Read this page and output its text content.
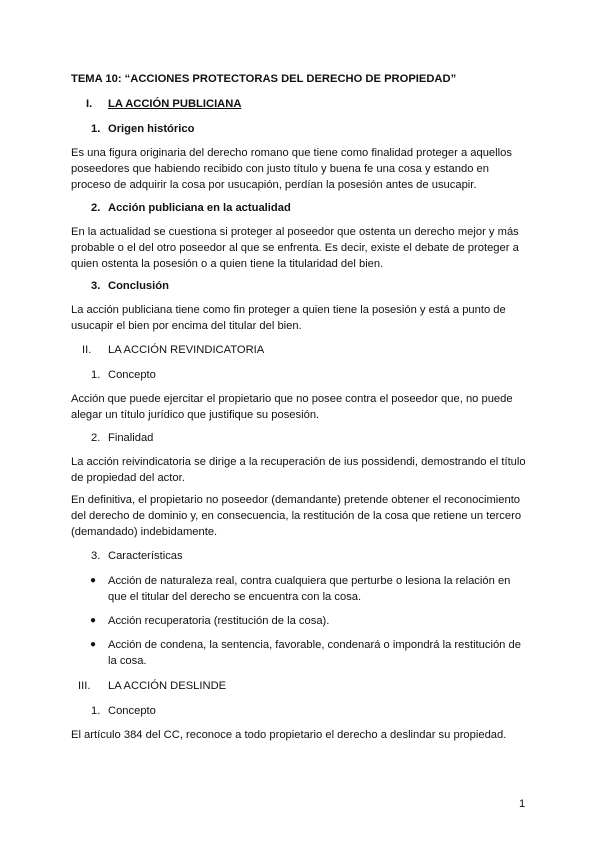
TEMA 10: “ACCIONES PROTECTORAS DEL DERECHO DE PROPIEDAD”
I. LA ACCIÓN PUBLICIANA
1. Origen histórico
Es una figura originaria del derecho romano que tiene como finalidad proteger a aquellos poseedores que habiendo recibido con justo título y buena fe una cosa y estando en proceso de adquirir la cosa por usucapión, perdían la posesión antes de usucapir.
2. Acción publiciana en la actualidad
En la actualidad se cuestiona si proteger al poseedor que ostenta un derecho mejor y más probable o el del otro poseedor al que se enfrenta. Es decir, existe el debate de proteger a quien ostenta la posesión o a quien tiene la titularidad del bien.
3. Conclusión
La acción publiciana tiene como fin proteger a quien tiene la posesión y está a punto de usucapir el bien por encima del titular del bien.
II. LA ACCIÓN REVINDICATORIA
1. Concepto
Acción que puede ejercitar el propietario que no posee contra el poseedor que, no puede alegar un título jurídico que justifique su posesión.
2. Finalidad
La acción reivindicatoria se dirige a la recuperación de ius possidendi, demostrando el título de propiedad del actor.
En definitiva, el propietario no poseedor (demandante) pretende obtener el reconocimiento del derecho de dominio y, en consecuencia, la restitución de la cosa que retiene un tercero (demandado) indebidamente.
3. Características
● Acción de naturaleza real, contra cualquiera que perturbe o lesiona la relación en que el titular del derecho se encuentra con la cosa.
● Acción recuperatoria (restitución de la cosa).
● Acción de condena, la sentencia, favorable, condenará o impondrá la restitución de la cosa.
III. LA ACCIÓN DESLINDE
1. Concepto
El artículo 384 del CC, reconoce a todo propietario el derecho a deslindar su propiedad.
1
